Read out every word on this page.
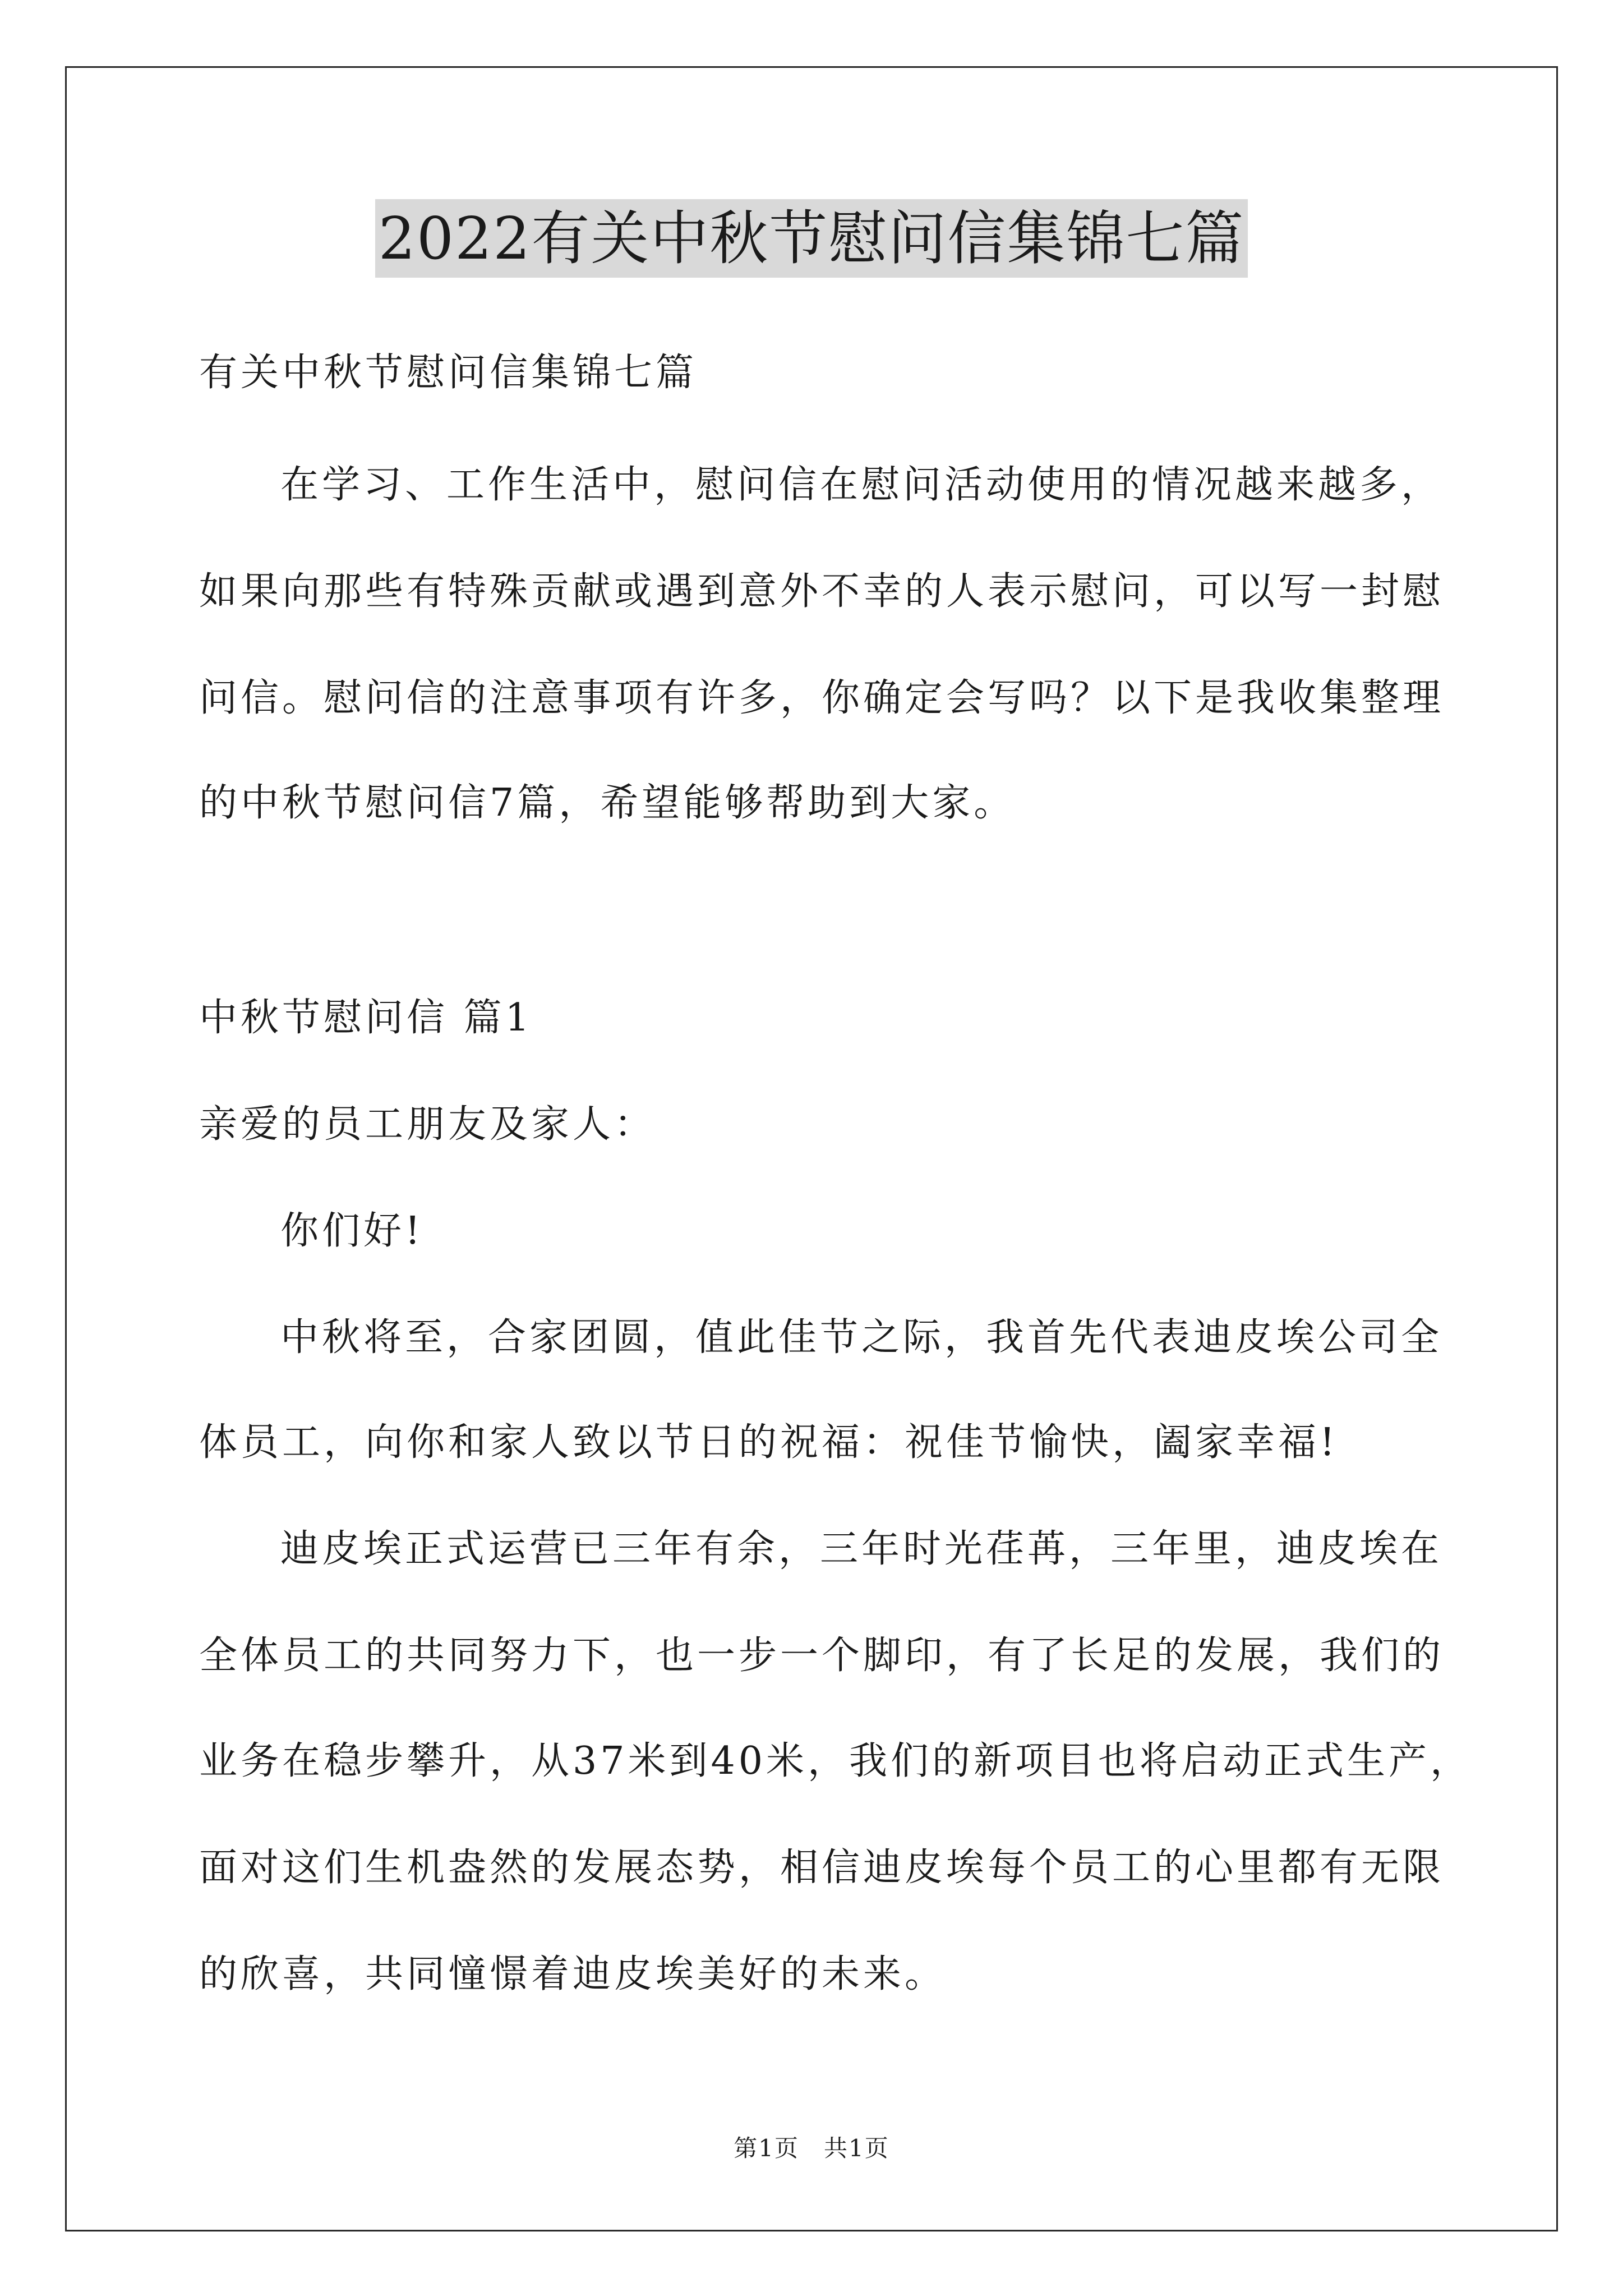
2022有关中秋节慰问信集锦七篇
有关中秋节慰问信集锦七篇
在学习、工作生活中，慰问信在慰问活动使用的情况越来越多，
如果向那些有特殊贡献或遇到意外不幸的人表示慰问，可以写一封慰
问信。慰问信的注意事项有许多，你确定会写吗？以下是我收集整理
的中秋节慰问信7篇，希望能够帮助到大家。
中秋节慰问信 篇1
亲爱的员工朋友及家人：
你们好!
中秋将至，合家团圆，值此佳节之际，我首先代表迪皮埃公司全
体员工，向你和家人致以节日的祝福：祝佳节愉快，阖家幸福!
迪皮埃正式运营已三年有余，三年时光荏苒，三年里，迪皮埃在
全体员工的共同努力下，也一步一个脚印，有了长足的发展，我们的
业务在稳步攀升，从37米到40米，我们的新项目也将启动正式生产，
面对这们生机盎然的发展态势，相信迪皮埃每个员工的心里都有无限
的欣喜，共同憧憬着迪皮埃美好的未来。
第1页　共1页
